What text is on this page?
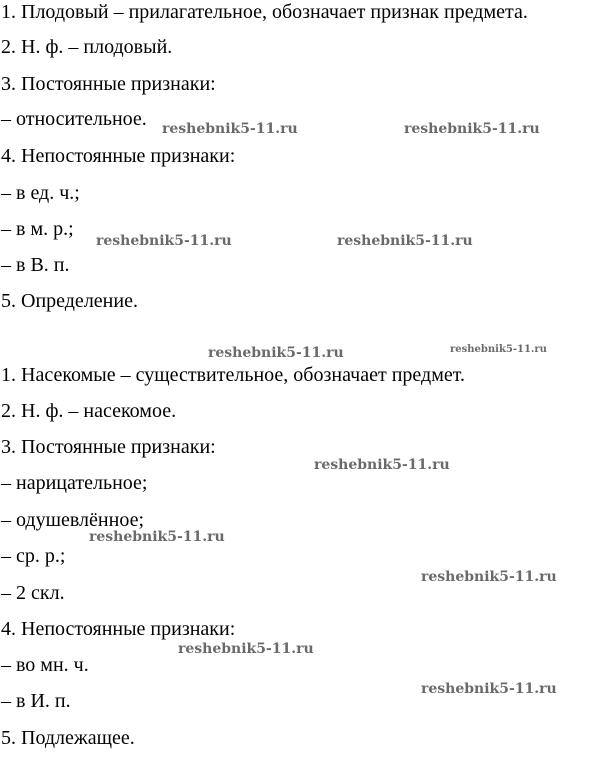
1. Плодовый – прилагательное, обозначает признак предмета.
2. Н. ф. – плодовый.
3. Постоянные признаки:
– относительное.
4. Непостоянные признаки:
– в ед. ч.;
– в м. р.;
– в В. п.
5. Определение.
1. Насекомые – существительное, обозначает предмет.
2. Н. ф. – насекомое.
3. Постоянные признаки:
– нарицательное;
– одушевлённое;
– ср. р.;
– 2 скл.
4. Непостоянные признаки:
– во мн. ч.
– в И. п.
5. Подлежащее.
reshebnik5-11.ru	reshebnik5-11.ru
reshebnik5-11.ru	reshebnik5-11.ru
reshebnik5-11.ru	reshebnik5-11.ru
reshebnik5-11.ru
reshebnik5-11.ru
reshebnik5-11.ru
reshebnik5-11.ru
reshebnik5-11.ru
